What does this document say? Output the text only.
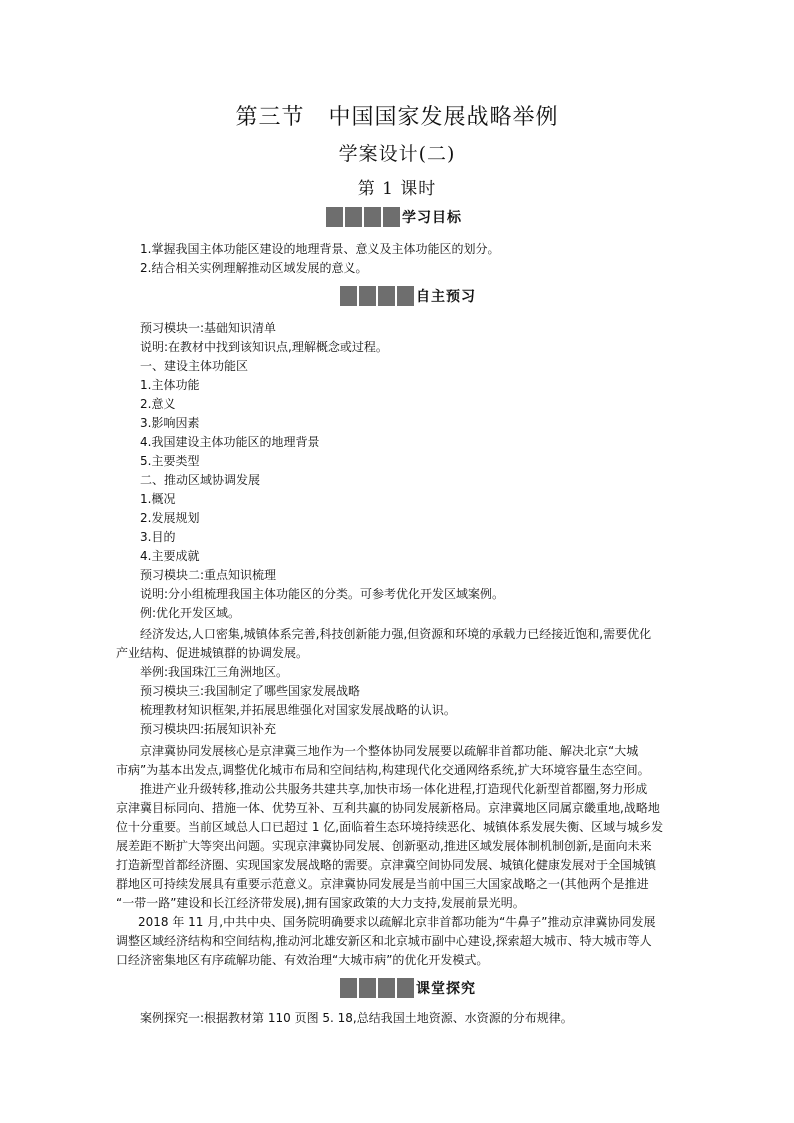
第三节 中国国家发展战略举例
学案设计(二)
第 1 课时
学习目标
1.掌握我国主体功能区建设的地理背景、意义及主体功能区的划分。
2.结合相关实例理解推动区域发展的意义。
自主预习
预习模块一:基础知识清单
说明:在教材中找到该知识点,理解概念或过程。
一、建设主体功能区
1.主体功能
2.意义
3.影响因素
4.我国建设主体功能区的地理背景
5.主要类型
二、推动区域协调发展
1.概况
2.发展规划
3.目的
4.主要成就
预习模块二:重点知识梳理
说明:分小组梳理我国主体功能区的分类。可参考优化开发区域案例。
例:优化开发区域。
经济发达,人口密集,城镇体系完善,科技创新能力强,但资源和环境的承载力已经接近饱和,需要优化
产业结构、促进城镇群的协调发展。
举例:我国珠江三角洲地区。
预习模块三:我国制定了哪些国家发展战略
梳理教材知识框架,并拓展思维强化对国家发展战略的认识。
预习模块四:拓展知识补充
京津冀协同发展核心是京津冀三地作为一个整体协同发展要以疏解非首都功能、解决北京“大城
市病”为基本出发点,调整优化城市布局和空间结构,构建现代化交通网络系统,扩大环境容量生态空间。
推进产业升级转移,推动公共服务共建共享,加快市场一体化进程,打造现代化新型首都圈,努力形成
京津冀目标同向、措施一体、优势互补、互利共赢的协同发展新格局。京津冀地区同属京畿重地,战略地
位十分重要。当前区域总人口已超过 1 亿,面临着生态环境持续恶化、城镇体系发展失衡、区域与城乡发
展差距不断扩大等突出问题。实现京津冀协同发展、创新驱动,推进区域发展体制机制创新,是面向未来
打造新型首都经济圈、实现国家发展战略的需要。京津冀空间协同发展、城镇化健康发展对于全国城镇
群地区可持续发展具有重要示范意义。京津冀协同发展是当前中国三大国家战略之一(其他两个是推进
“一带一路”建设和长江经济带发展),拥有国家政策的大力支持,发展前景光明。
2018 年 11 月,中共中央、国务院明确要求以疏解北京非首都功能为“牛鼻子”推动京津冀协同发展
调整区域经济结构和空间结构,推动河北雄安新区和北京城市副中心建设,探索超大城市、特大城市等人
口经济密集地区有序疏解功能、有效治理“大城市病”的优化开发模式。
课堂探究
案例探究一:根据教材第 110 页图 5. 18,总结我国土地资源、水资源的分布规律。
